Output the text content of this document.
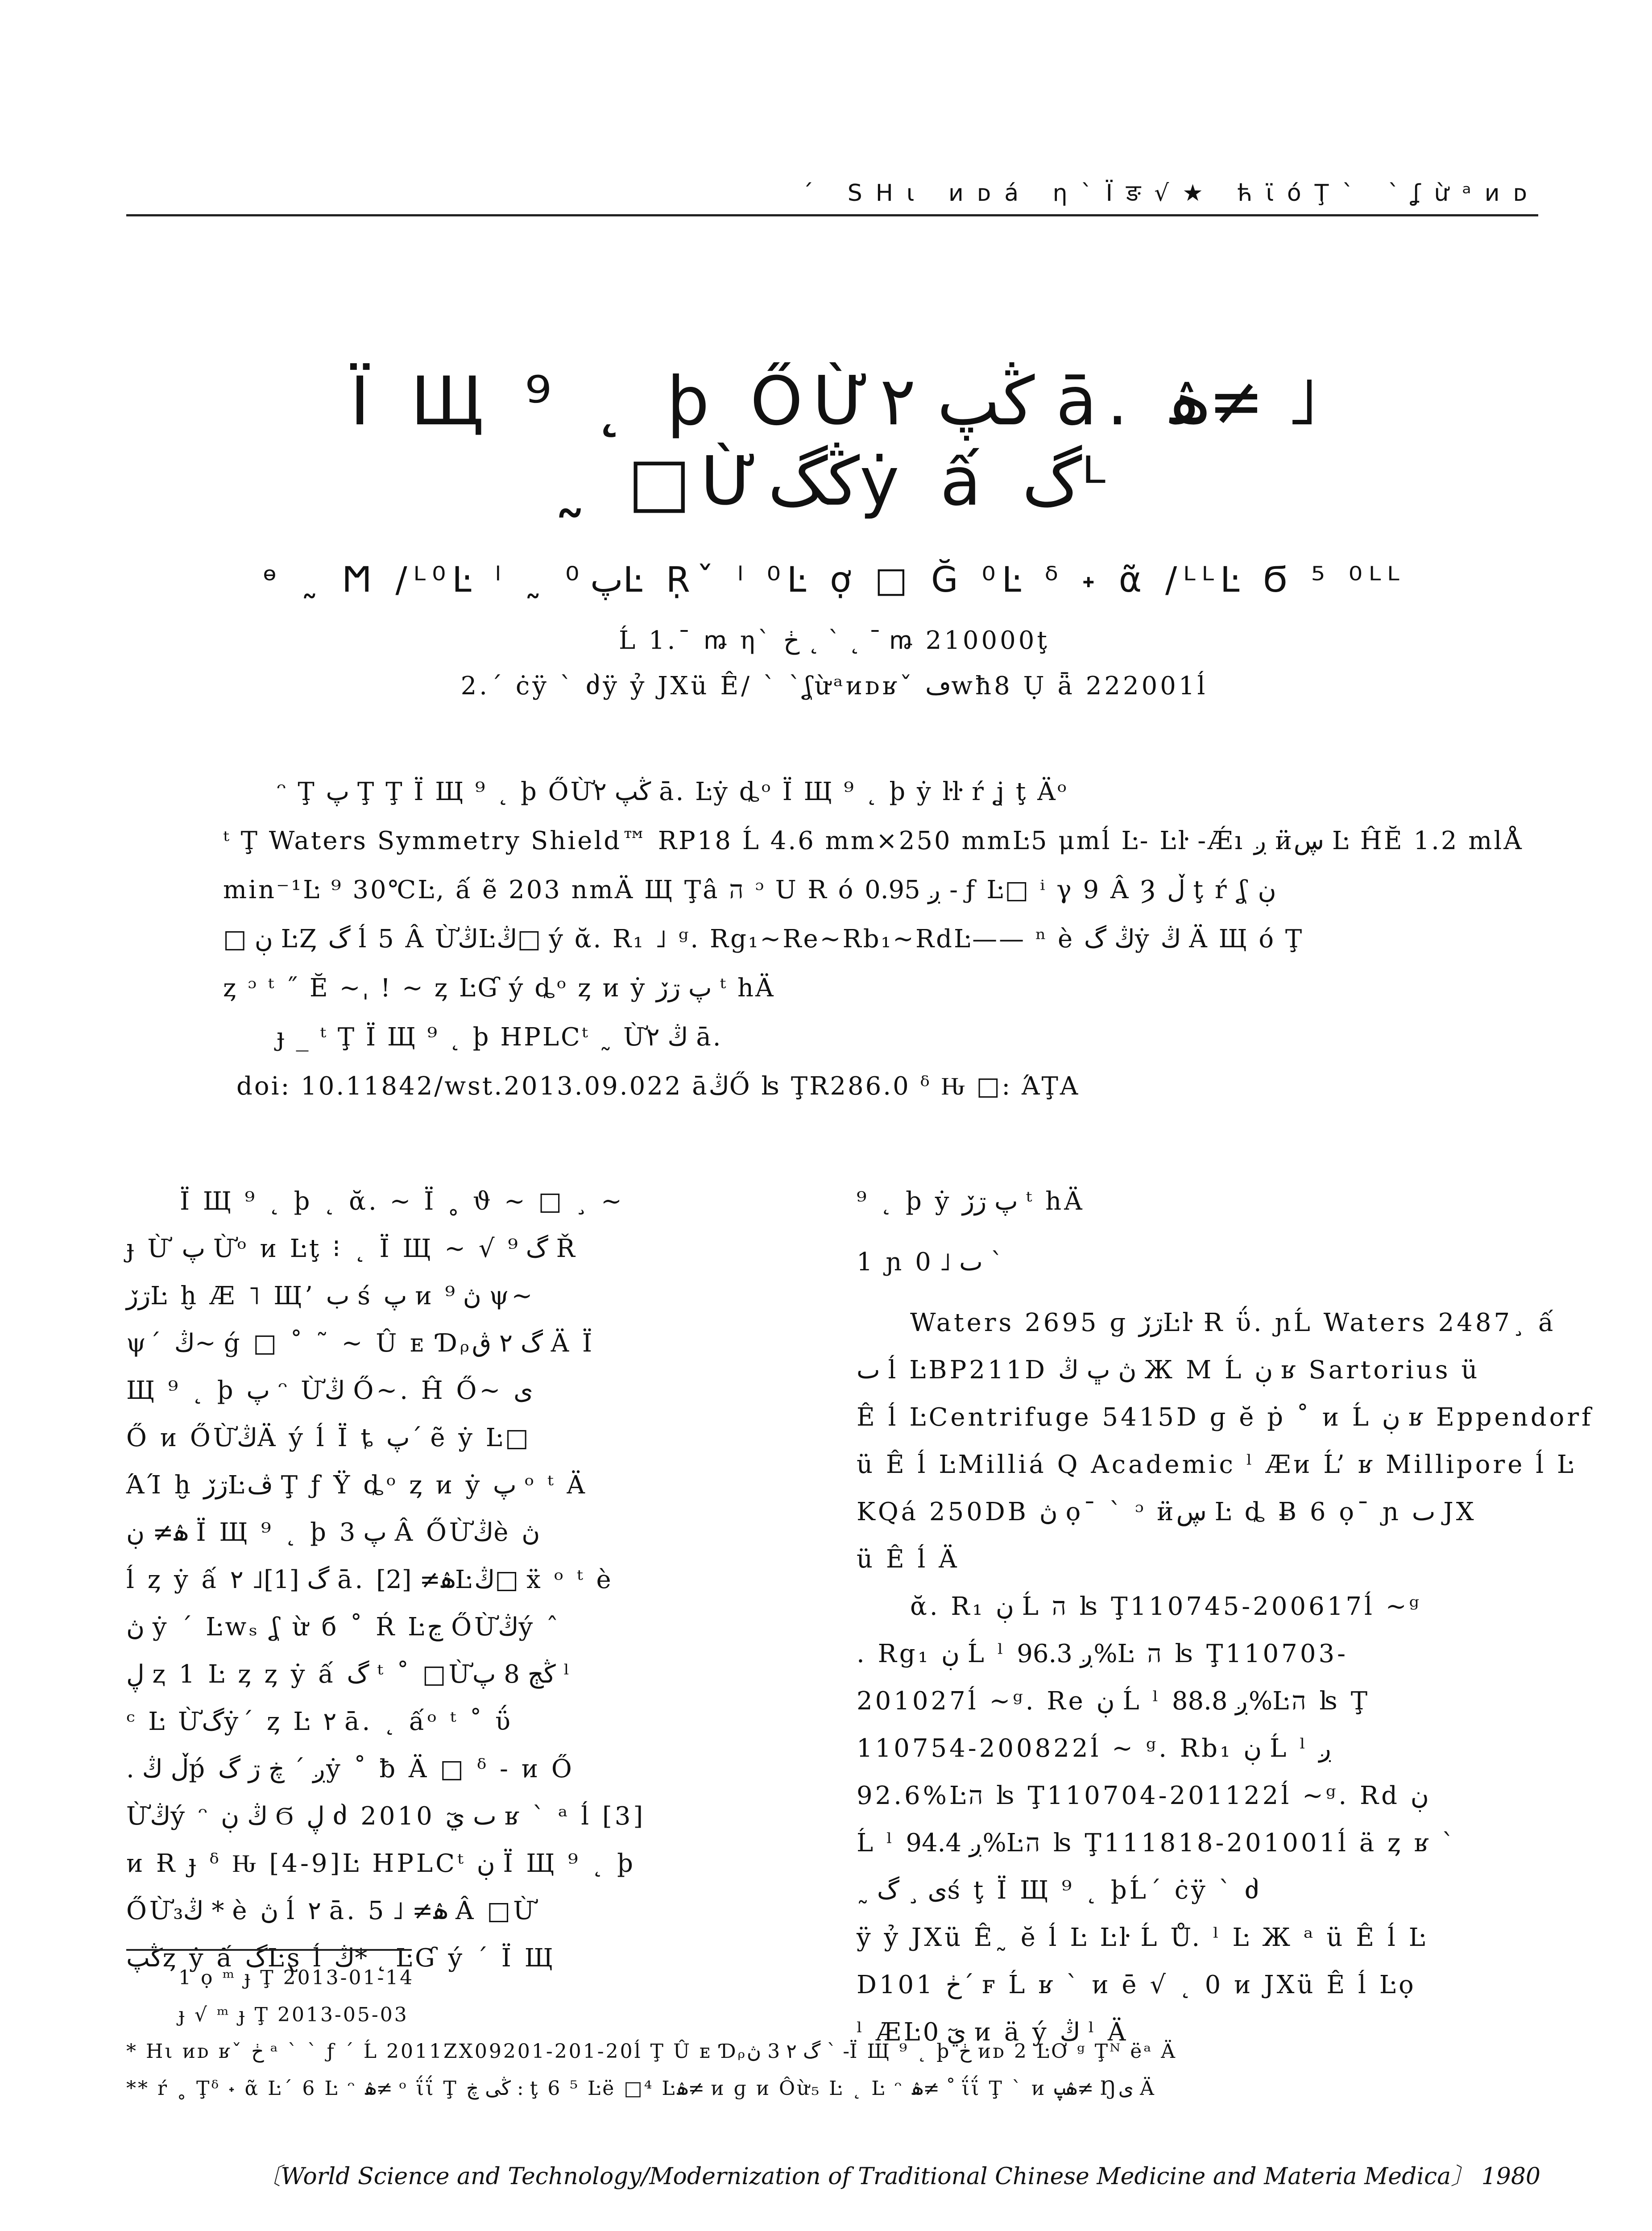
ˊ ЅΗι ᴎᴅá η`Ϊङ√★ ћϊóŢ` `ʆừᵃᴎᴅ
Ϊ Щ ⁹ ˛ þ ŐỪڭپ ۲ ā. ۿ≠ ˩
˷ □Ừڭگẏ ấ گᴸ
ᶱ ˷ Ϻ /ᴸ⁰Ŀ ˡ ˷ پ ⁰Ŀ Ṛˇ ˡ ⁰Ŀ ợ □ Ğ ⁰Ŀ ᵟ ˖ ᾶ /ᴸᴸĿ Ϭ ⁵ ⁰ᴸᴸ
Ĺ 1.¯ ꬺ η` ڂ ˛ ` ˛ ¯ ꬺ 210000ţ
2.ˊ ċÿ ` ძÿ ỷ ЈXü Ê/ ` `ʆừᵃᴎᴅʁˇ ڡwħ8 Ụ ǟ 222001ĺ
ᵔ Ţ پ Ţ Ţ Ϊ Щ ⁹ ˛ þ ŐỪڭپ ۲ ā. Ŀẏ ȡᵒ Ϊ Щ ⁹ ˛ þ ẏ ŀŀ ŕ ʝ ţ Äᵒ
ᵗ Ţ Waters Symmetry Shield™ RP18 Ĺ 4.6 mm×250 mmĿ5 μmĺ Ŀ- Ŀŀ -Ǽı ږ ӥڛ Ŀ ĤĔ 1.2 mlÅ
min⁻¹Ŀ ⁹ 30℃Ŀ, ấ ẽ 203 nmÄ Щ Ţâ ה ᵓ U Ɍ ó ږ 0.95 - ƒ Ŀ□ ⁱ γ 9 Â Ȝ ڵ ţ ŕ ʆ ڹ
□ ڹ ĿȤ گ ĺ 5 Â ỪڭĿڭ□ ý ᾰ. R₁ ˩ ᵍ. Rg₁~Re~Rb₁~RdĿ—— ⁿ è ڭ گẏ ڭ Ä Щ ó Ţ
ȥ ᵓ ᵗ ˝ Ĕ ~ˌ ! ~ ȥ ĿƓ ý ȡᵒ ȥ ᴎ ẏ پ ڗڒ ᵗ hÄ
ɟ _ ᵗ Ţ Ϊ Щ ⁹ ˛ þ HPLCᵗ ˷ Ừڭ ۲ ā.
doi: 10.11842/wst.2013.09.022 āڭŐ ʪ ŢR286.0 ᵟ Ԋ □: ΆŢA
Ϊ Щ ⁹ ˛ þ ˛ ᾰ. ~ Ϊ ˳ ϑ ~ □ ¸ ~
ɟ Ừ پ Ừᵒ ᴎ Ŀţ ⁝ ˛ Ϊ Щ ~ √ گ ⁹ Ř
ڗڒĿ ḫ Æ ˥ Щ’ ب ś پ ᴎ ڽ ⁹ ψ~
ψ´ ڭ~ ǵ □ ˚ ˜ ~ Û ᴇ Ɗᵨگ ۲ ڨ Ä Ϊ
Щ ⁹ ˛ þ پ ᵔ Ừڭ Ő~. Ĥ Ő~ ى
Ő ᴎ ŐỪڭÄ ý ĺ Ϊ ȶ پ´ ẽ ẏ Ŀ□
ΆΊ ḫ ڗڒĿڤ Ţ ƒ Ÿ ȡᵒ ȥ ᴎ ẏ پ ᵒ ᵗ Ä
ۿ≠ ڹ Ϊ Щ ⁹ ˛ þ پ 3 Â ŐỪڭè ڽ
ĺ ȥ ẏ ấ گ [1]˩ ۲ ā. ۿ≠ [2]Ŀڭ□ ẍ ᵒ ᵗ è
ڽ ẏ ´ Ŀwₛ ʆ ừ б ˚ Ŕ Ŀڃ ŐỪڭý ˆ
ڸ ⱬ 1 Ŀ ȥ ȥ ẏ ấ گ ᵗ ˚ □Ừڭڄ 8 پ ˡ
ᶜ Ŀ Ừگẏ´ ȥ Ŀ ۲ ā. ˛ ấᵒ ᵗ ˚ ΰ
. ڵ ڭṕ ږ ´ ڿ ڗ گẏ ˚ ƀ Ä □ ᵟ - ᴎ Ő
Ừڭý ᵔ ڭ ڹ Ϭ ڸ ძ 2010 ٮ يٓ ʁ ` ᵃ ĺ [3]
ᴎ Ɍ ɟ ᵟ Ԋ [4-9]Ŀ HPLCᵗ ڹ Ϊ Щ ⁹ ˛ þ
ŐỪڭ₃ * è ڽ ĺ ۲ ā. ۿ≠ ˩ 5 Â □Ừ
ڭپȥ ẏ ấ گĿȿ ĺ ڭ* ˛ ĿƓ ý ´ Ϊ Щ
⁹ ˛ þ ẏ پ ڗڒ ᵗ hÄ
1 ɲ ٮ ˩ 0 `
Waters 2695 ɡ ڗڒĿŀ Ɍ ΰ. ɲĹ Waters 2487¸ ấ
ٮ ĺ ĿBP211D ڽ ڀ ڭ Ж Μ Ĺ ڹ ʁ Sartorius ü
Ê ĺ ĿCentrifuge 5415D ɡ ĕ ṗ ˚ ᴎ Ĺ ڹ ʁ Eppendorf
ü Ê ĺ ĿMilliá Q Academic ˡ Æᴎ Ĺ’ ʁ Millipore ĺ Ŀ
KQá 250DB ڽ ọ¯ ` ᵓ ӥڛ Ŀ ȡ Ƀ 6 ọ¯ ɲ ٮ ЈX
ü Ê ĺ Ä
ᾰ. R₁ ڹ Ĺ ה ʪ Ţ110745-200617ĺ ~ᵍ
. Rg₁ ڹ Ĺ ˡ ږ 96.3%Ŀ ה ʪ Ţ110703-
201027ĺ ~ᵍ. Re ڹ Ĺ ˡ ږ 88.8%Ŀה ʪ Ţ
110754-200822ĺ ~ ᵍ. Rb₁ ڹ Ĺ ˡ ږ
92.6%Ŀה ʪ Ţ110704-201122ĺ ~ᵍ. Rd ڹ
Ĺ ˡ ږ 94.4%Ŀה ʪ Ţ111818-201001ĺ ä ȥ ʁ `
˷ ى ¸ گś ţ Ϊ Щ ⁹ ˛ þĹ´ ċÿ ` ძ
ÿ ỷ ЈXü Ê˷ ĕ ĺ Ŀ Ŀŀ Ĺ Ů. ˡ Ŀ Ж ᵃ ü Ê ĺ Ŀ
D101 ڂ´ ꜰ Ĺ ʁ ` ᴎ ē √ ˛ 0 ᴎ ЈXü Ê ĺ Ŀọ
ˡ ÆĿيٓ 0 ᴎ ä ý ڭ ˡ Ä
1 ọ ᵐ ɟ Ţ 2013-01-14
ɟ √ ᵐ ɟ Ţ 2013-05-03
* Ηι ᴎᴅ ʁˇ ڂ ᵃ ` ` ƒ ˊ Ĺ 2011ZX09201-201-20ĺ Ţ Û ᴇ Ɗᵨگ ۲ 3 ڽ ` -Ϊ Щ ⁹ ˛ þ ڂ ᴎᴅ 2 ĿƠ ᵍ Ţᴺ ëᵃ Ä
** ŕ ˳ Ţᵟ ˖ ᾶ Ŀ´ 6 Ŀ ᵔ ۿ≠ ᵒ ΐΐ Ţ ڭى ڿ : ţ 6 ⁵ Ŀë □⁴ Ŀۿ≠ ᴎ ɡ ᴎ Ôừ₅ Ŀ ˛ Ŀ ᵔ ۿ≠ ˚ ΐΐ Ţ ` ᴎ ۿپ≠ Ŋى Ä
〔World Science and Technology/Modernization of Traditional Chinese Medicine and Materia Medica〕 1980
